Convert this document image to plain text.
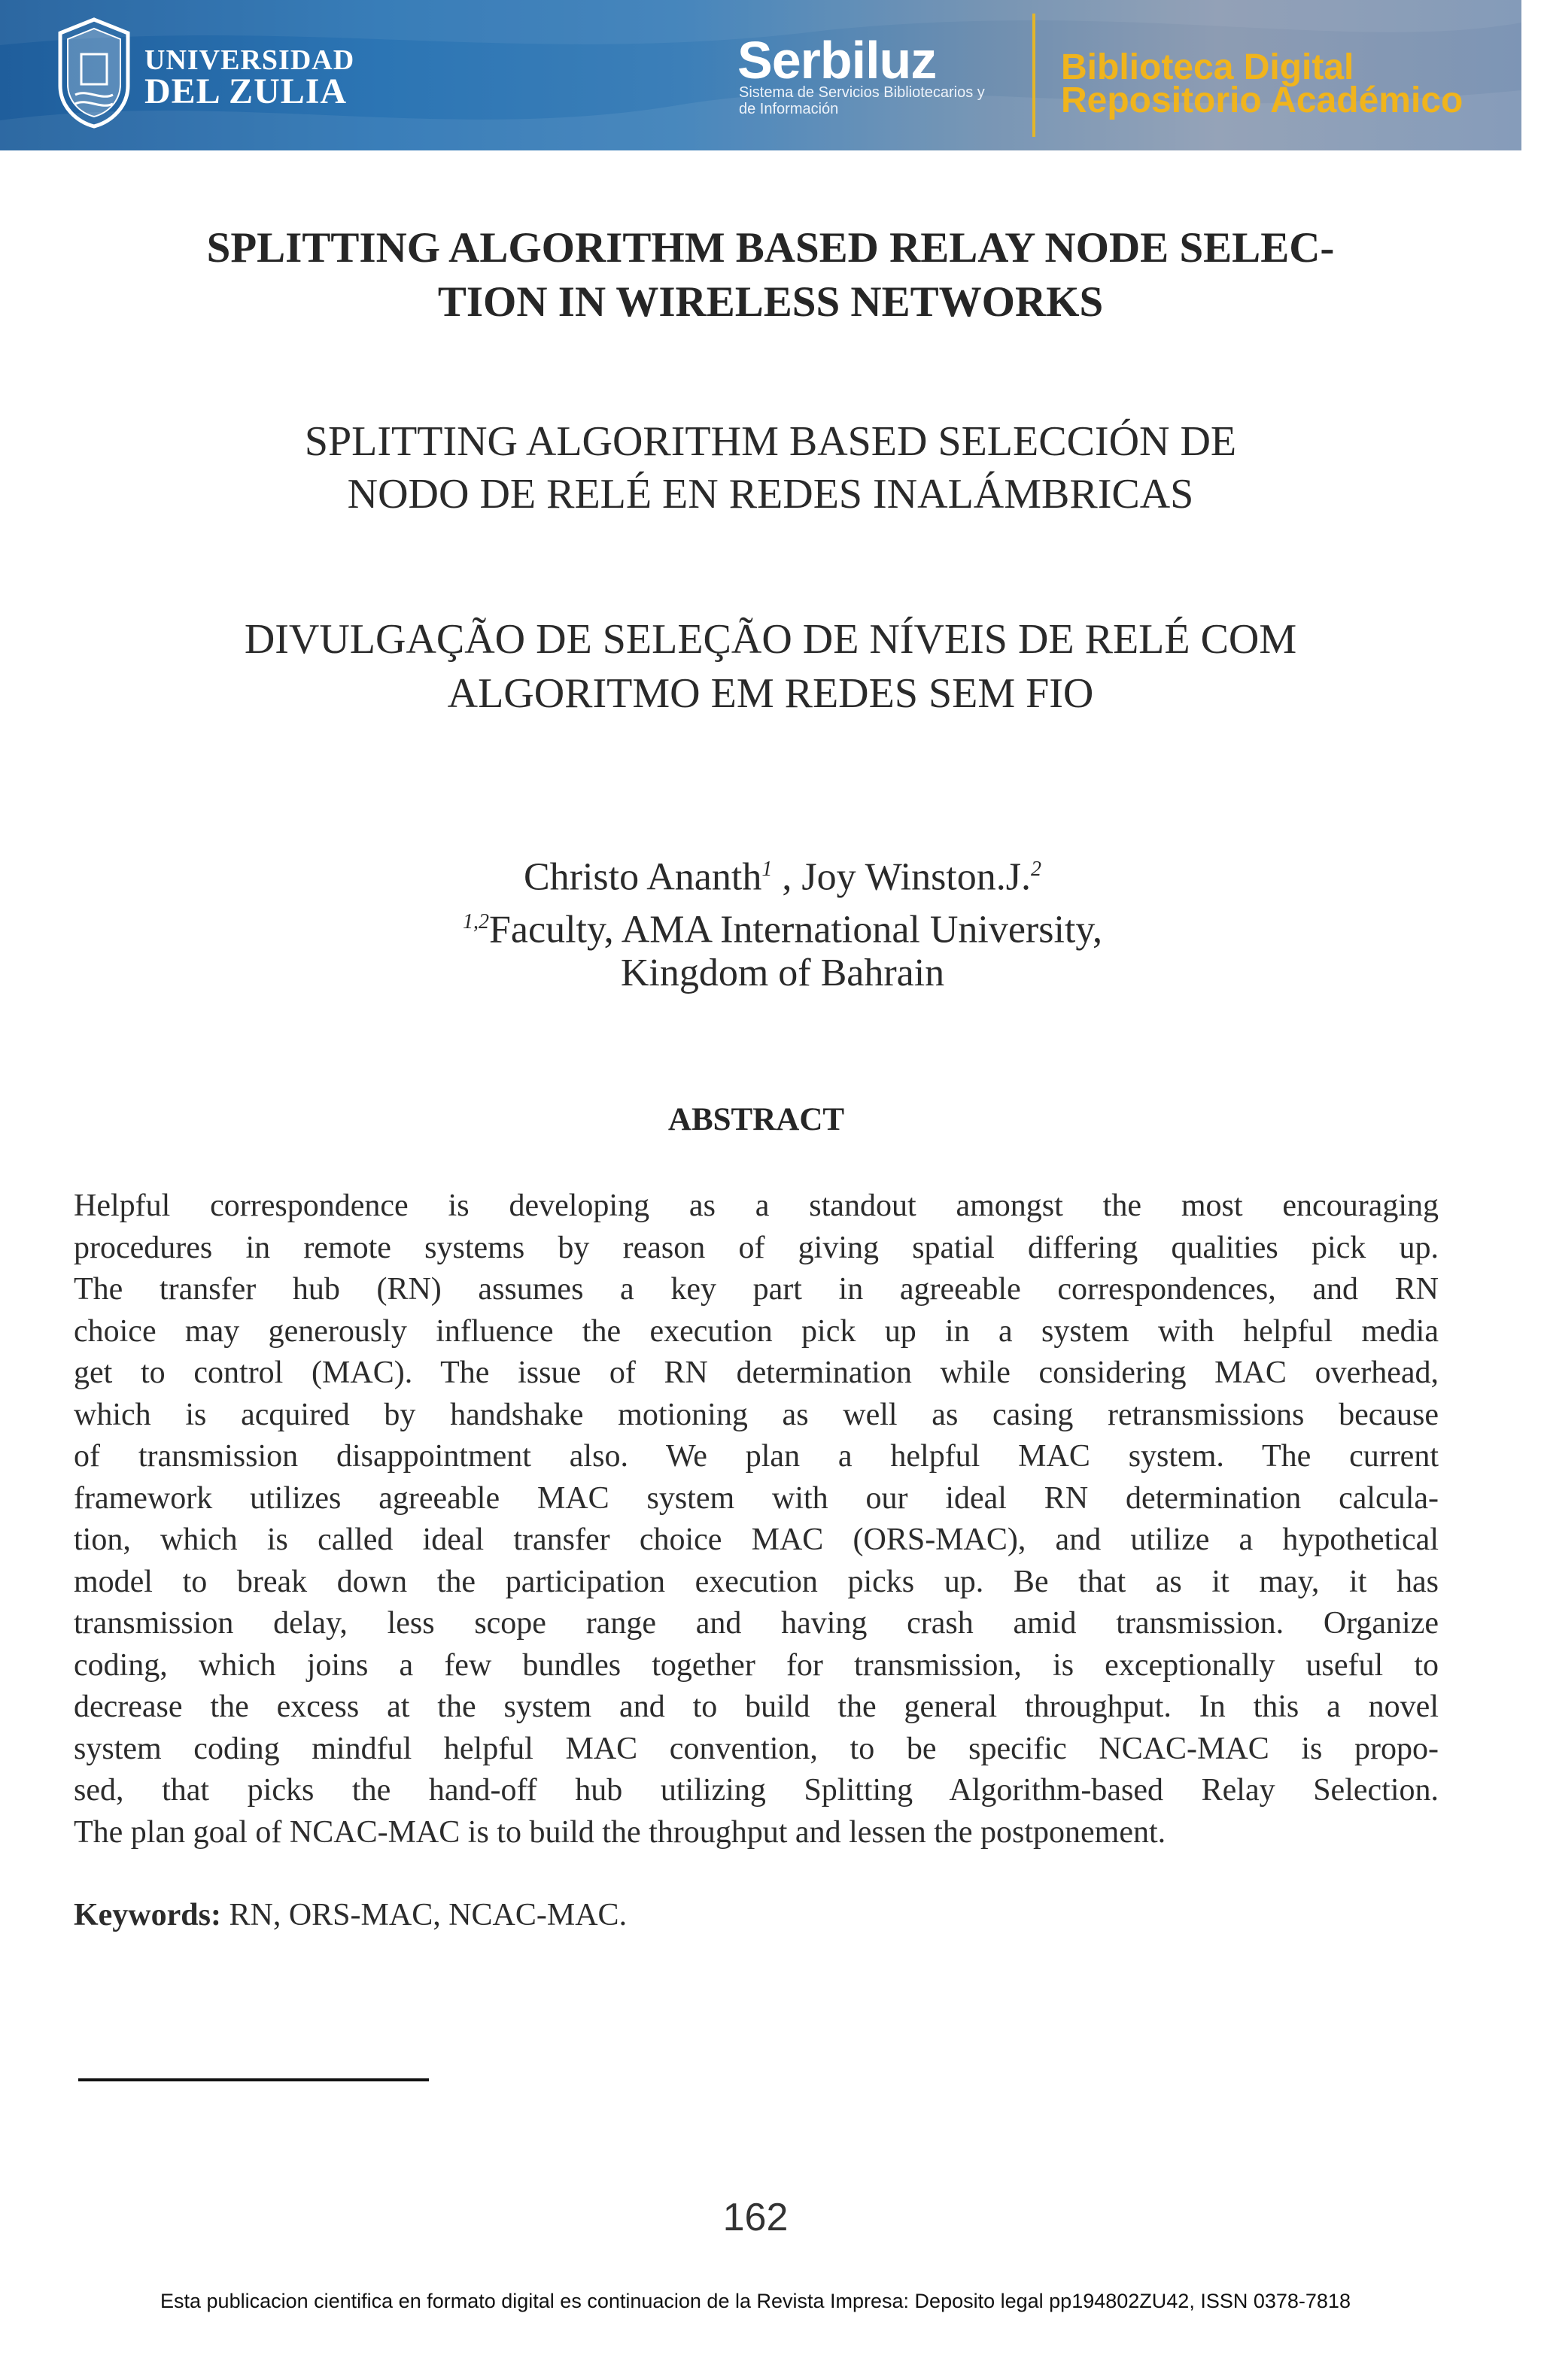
UNIVERSIDAD
DEL ZULIA
Serbiluz
Sistema de Servicios Bibliotecarios y de Información
Biblioteca Digital
Repositorio Académico
SPLITTING ALGORITHM BASED RELAY NODE SELEC-
TION IN WIRELESS NETWORKS
SPLITTING ALGORITHM BASED SELECCIÓN DE
NODO DE RELÉ EN REDES INALÁMBRICAS
DIVULGAÇÃO DE SELEÇÃO DE NÍVEIS DE RELÉ COM
ALGORITMO EM REDES SEM FIO
Christo Ananth$^1$ , Joy Winston.J.$^2$
$^{1,2}$Faculty, AMA International University,
Kingdom of Bahrain
ABSTRACT
Helpful correspondence is developing as a standout amongst the most encouraging
procedures in remote systems by reason of giving spatial differing qualities pick up.
The transfer hub (RN) assumes a key part in agreeable correspondences, and RN
choice may generously influence the execution pick up in a system with helpful media
get to control (MAC). The issue of RN determination while considering MAC overhead,
which is acquired by handshake motioning as well as casing retransmissions because
of transmission disappointment also. We plan a helpful MAC system. The current
framework utilizes agreeable MAC system with our ideal RN determination calcula-
tion, which is called ideal transfer choice MAC (ORS-MAC), and utilize a hypothetical
model to break down the participation execution picks up. Be that as it may, it has
transmission delay, less scope range and having crash amid transmission. Organize
coding, which joins a few bundles together for transmission, is exceptionally useful to
decrease the excess at the system and to build the general throughput. In this a novel
system coding mindful helpful MAC convention, to be specific NCAC-MAC is propo-
sed, that picks the hand-off hub utilizing Splitting Algorithm-based Relay Selection.
The plan goal of NCAC-MAC is to build the throughput and lessen the postponement.
Keywords: RN, ORS-MAC, NCAC-MAC.
162
Esta publicacion cientifica en formato digital es continuacion de la Revista Impresa: Deposito legal pp194802ZU42, ISSN 0378-7818
